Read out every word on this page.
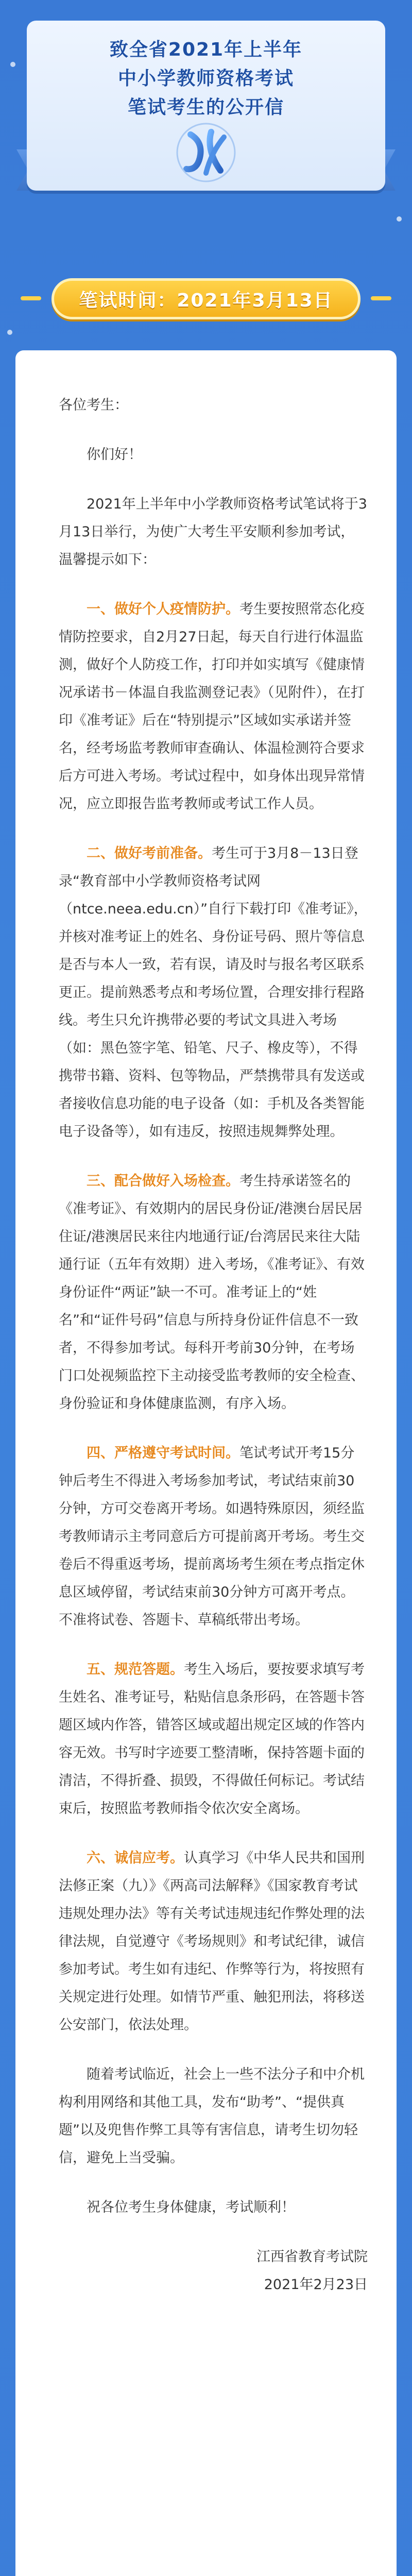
致全省2021年上半年
中小学教师资格考试
笔试考生的公开信
笔试时间：2021年3月13日

各位考生：

你们好！

2021年上半年中小学教师资格考试笔试将于3月13日举行，为使广大考生平安顺利参加考试，温馨提示如下：

一、做好个人疫情防护。考生要按照常态化疫情防控要求，自2月27日起，每天自行进行体温监测，做好个人防疫工作，打印并如实填写《健康情况承诺书－体温自我监测登记表》（见附件），在打印《准考证》后在“特别提示”区域如实承诺并签名，经考场监考教师审查确认、体温检测符合要求后方可进入考场。考试过程中，如身体出现异常情况，应立即报告监考教师或考试工作人员。

二、做好考前准备。考生可于3月8－13日登录“教育部中小学教师资格考试网（ntce.neea.edu.cn）”自行下载打印《准考证》，并核对准考证上的姓名、身份证号码、照片等信息是否与本人一致，若有误，请及时与报名考区联系更正。提前熟悉考点和考场位置，合理安排行程路线。考生只允许携带必要的考试文具进入考场（如：黑色签字笔、铅笔、尺子、橡皮等），不得携带书籍、资料、包等物品，严禁携带具有发送或者接收信息功能的电子设备（如：手机及各类智能电子设备等），如有违反，按照违规舞弊处理。

三、配合做好入场检查。考生持承诺签名的《准考证》、有效期内的居民身份证/港澳台居民居住证/港澳居民来往内地通行证/台湾居民来往大陆通行证（五年有效期）进入考场，《准考证》、有效身份证件“两证”缺一不可。准考证上的“姓名”和“证件号码”信息与所持身份证件信息不一致者，不得参加考试。每科开考前30分钟，在考场门口处视频监控下主动接受监考教师的安全检查、身份验证和身体健康监测，有序入场。

四、严格遵守考试时间。笔试考试开考15分钟后考生不得进入考场参加考试，考试结束前30分钟，方可交卷离开考场。如遇特殊原因，须经监考教师请示主考同意后方可提前离开考场。考生交卷后不得重返考场，提前离场考生须在考点指定休息区域停留，考试结束前30分钟方可离开考点。不准将试卷、答题卡、草稿纸带出考场。

五、规范答题。考生入场后，要按要求填写考生姓名、准考证号，粘贴信息条形码，在答题卡答题区域内作答，错答区域或超出规定区域的作答内容无效。书写时字迹要工整清晰，保持答题卡面的清洁，不得折叠、损毁，不得做任何标记。考试结束后，按照监考教师指令依次安全离场。

六、诚信应考。认真学习《中华人民共和国刑法修正案（九）》《两高司法解释》《国家教育考试违规处理办法》等有关考试违规违纪作弊处理的法律法规，自觉遵守《考场规则》和考试纪律，诚信参加考试。考生如有违纪、作弊等行为，将按照有关规定进行处理。如情节严重、触犯刑法，将移送公安部门，依法处理。

随着考试临近，社会上一些不法分子和中介机构利用网络和其他工具，发布“助考”、“提供真题”以及兜售作弊工具等有害信息，请考生切勿轻信，避免上当受骗。

祝各位考生身体健康，考试顺利！

江西省教育考试院

2021年2月23日
